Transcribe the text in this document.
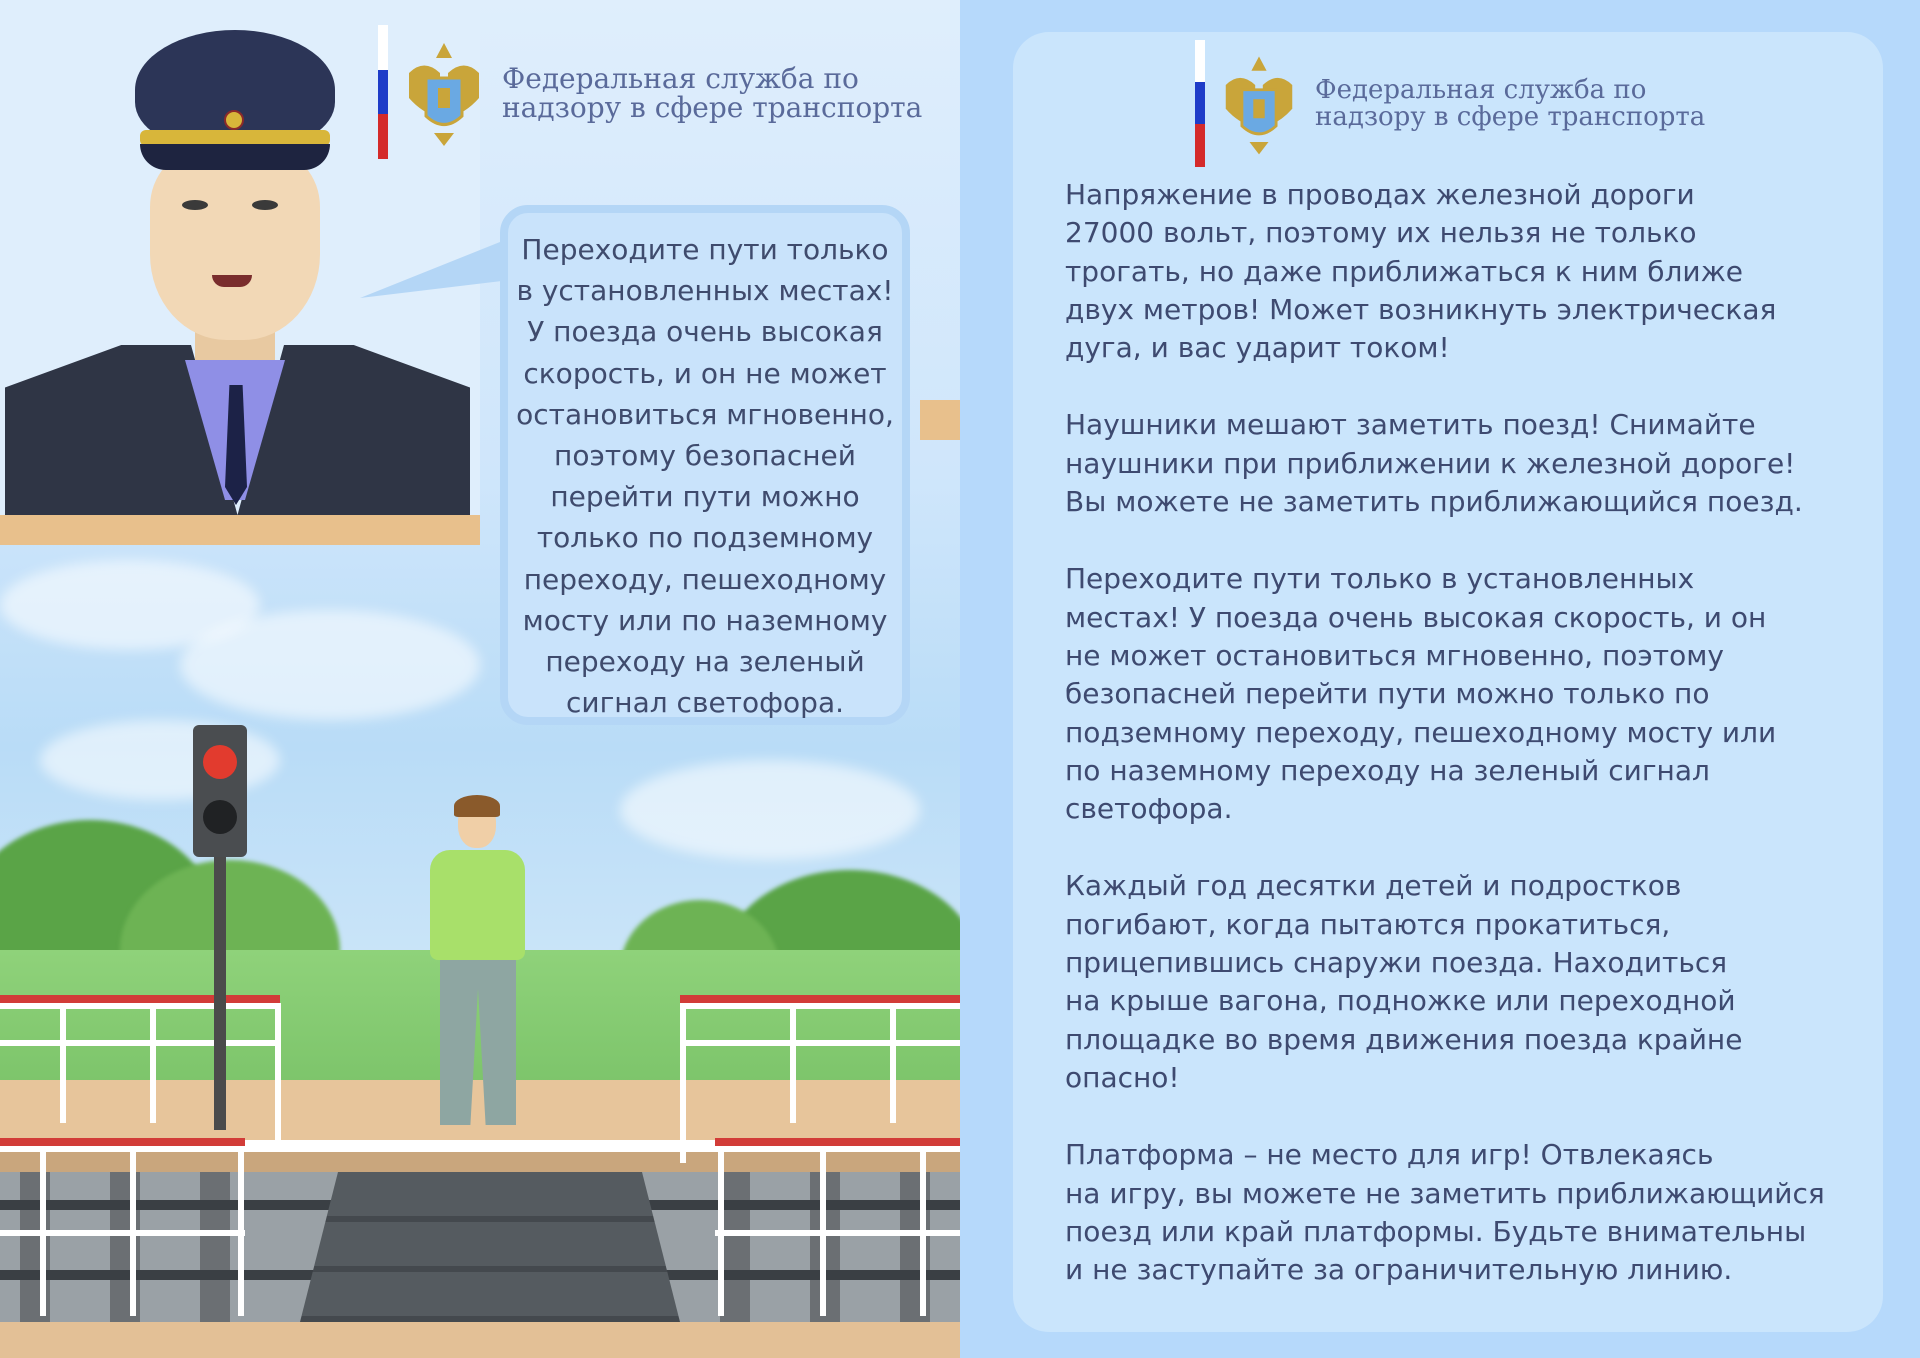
Федеральная служба по
надзору в сфере транспорта

Переходите пути только

в установленных местах!

У поезда очень высокая

скорость, и он не может

остановиться мгновенно,

поэтому безопасней

перейти пути можно

только по подземному

переходу, пешеходному

мосту или по наземному

переходу на зеленый

сигнал светофора.

Федеральная служба по
надзору в сфере транспорта

Напряжение в проводах железной дороги
27000 вольт, поэтому их нельзя не только
трогать, но даже приближаться к ним ближе
двух метров! Может возникнуть электрическая
дуга, и вас ударит током!

Наушники мешают заметить поезд! Снимайте
наушники при приближении к железной дороге!
Вы можете не заметить приближающийся поезд.

Переходите пути только в установленных
местах! У поезда очень высокая скорость, и он
не может остановиться мгновенно, поэтому
безопасней перейти пути можно только по
подземному переходу, пешеходному мосту или
по наземному переходу на зеленый сигнал
светофора.

Каждый год десятки детей и подростков
погибают, когда пытаются прокатиться,
прицепившись снаружи поезда. Находиться
на крыше вагона, подножке или переходной
площадке во время движения поезда крайне
опасно!

Платформа – не место для игр! Отвлекаясь
на игру, вы можете не заметить приближающийся
поезд или край платформы. Будьте внимательны
и не заступайте за ограничительную линию.
